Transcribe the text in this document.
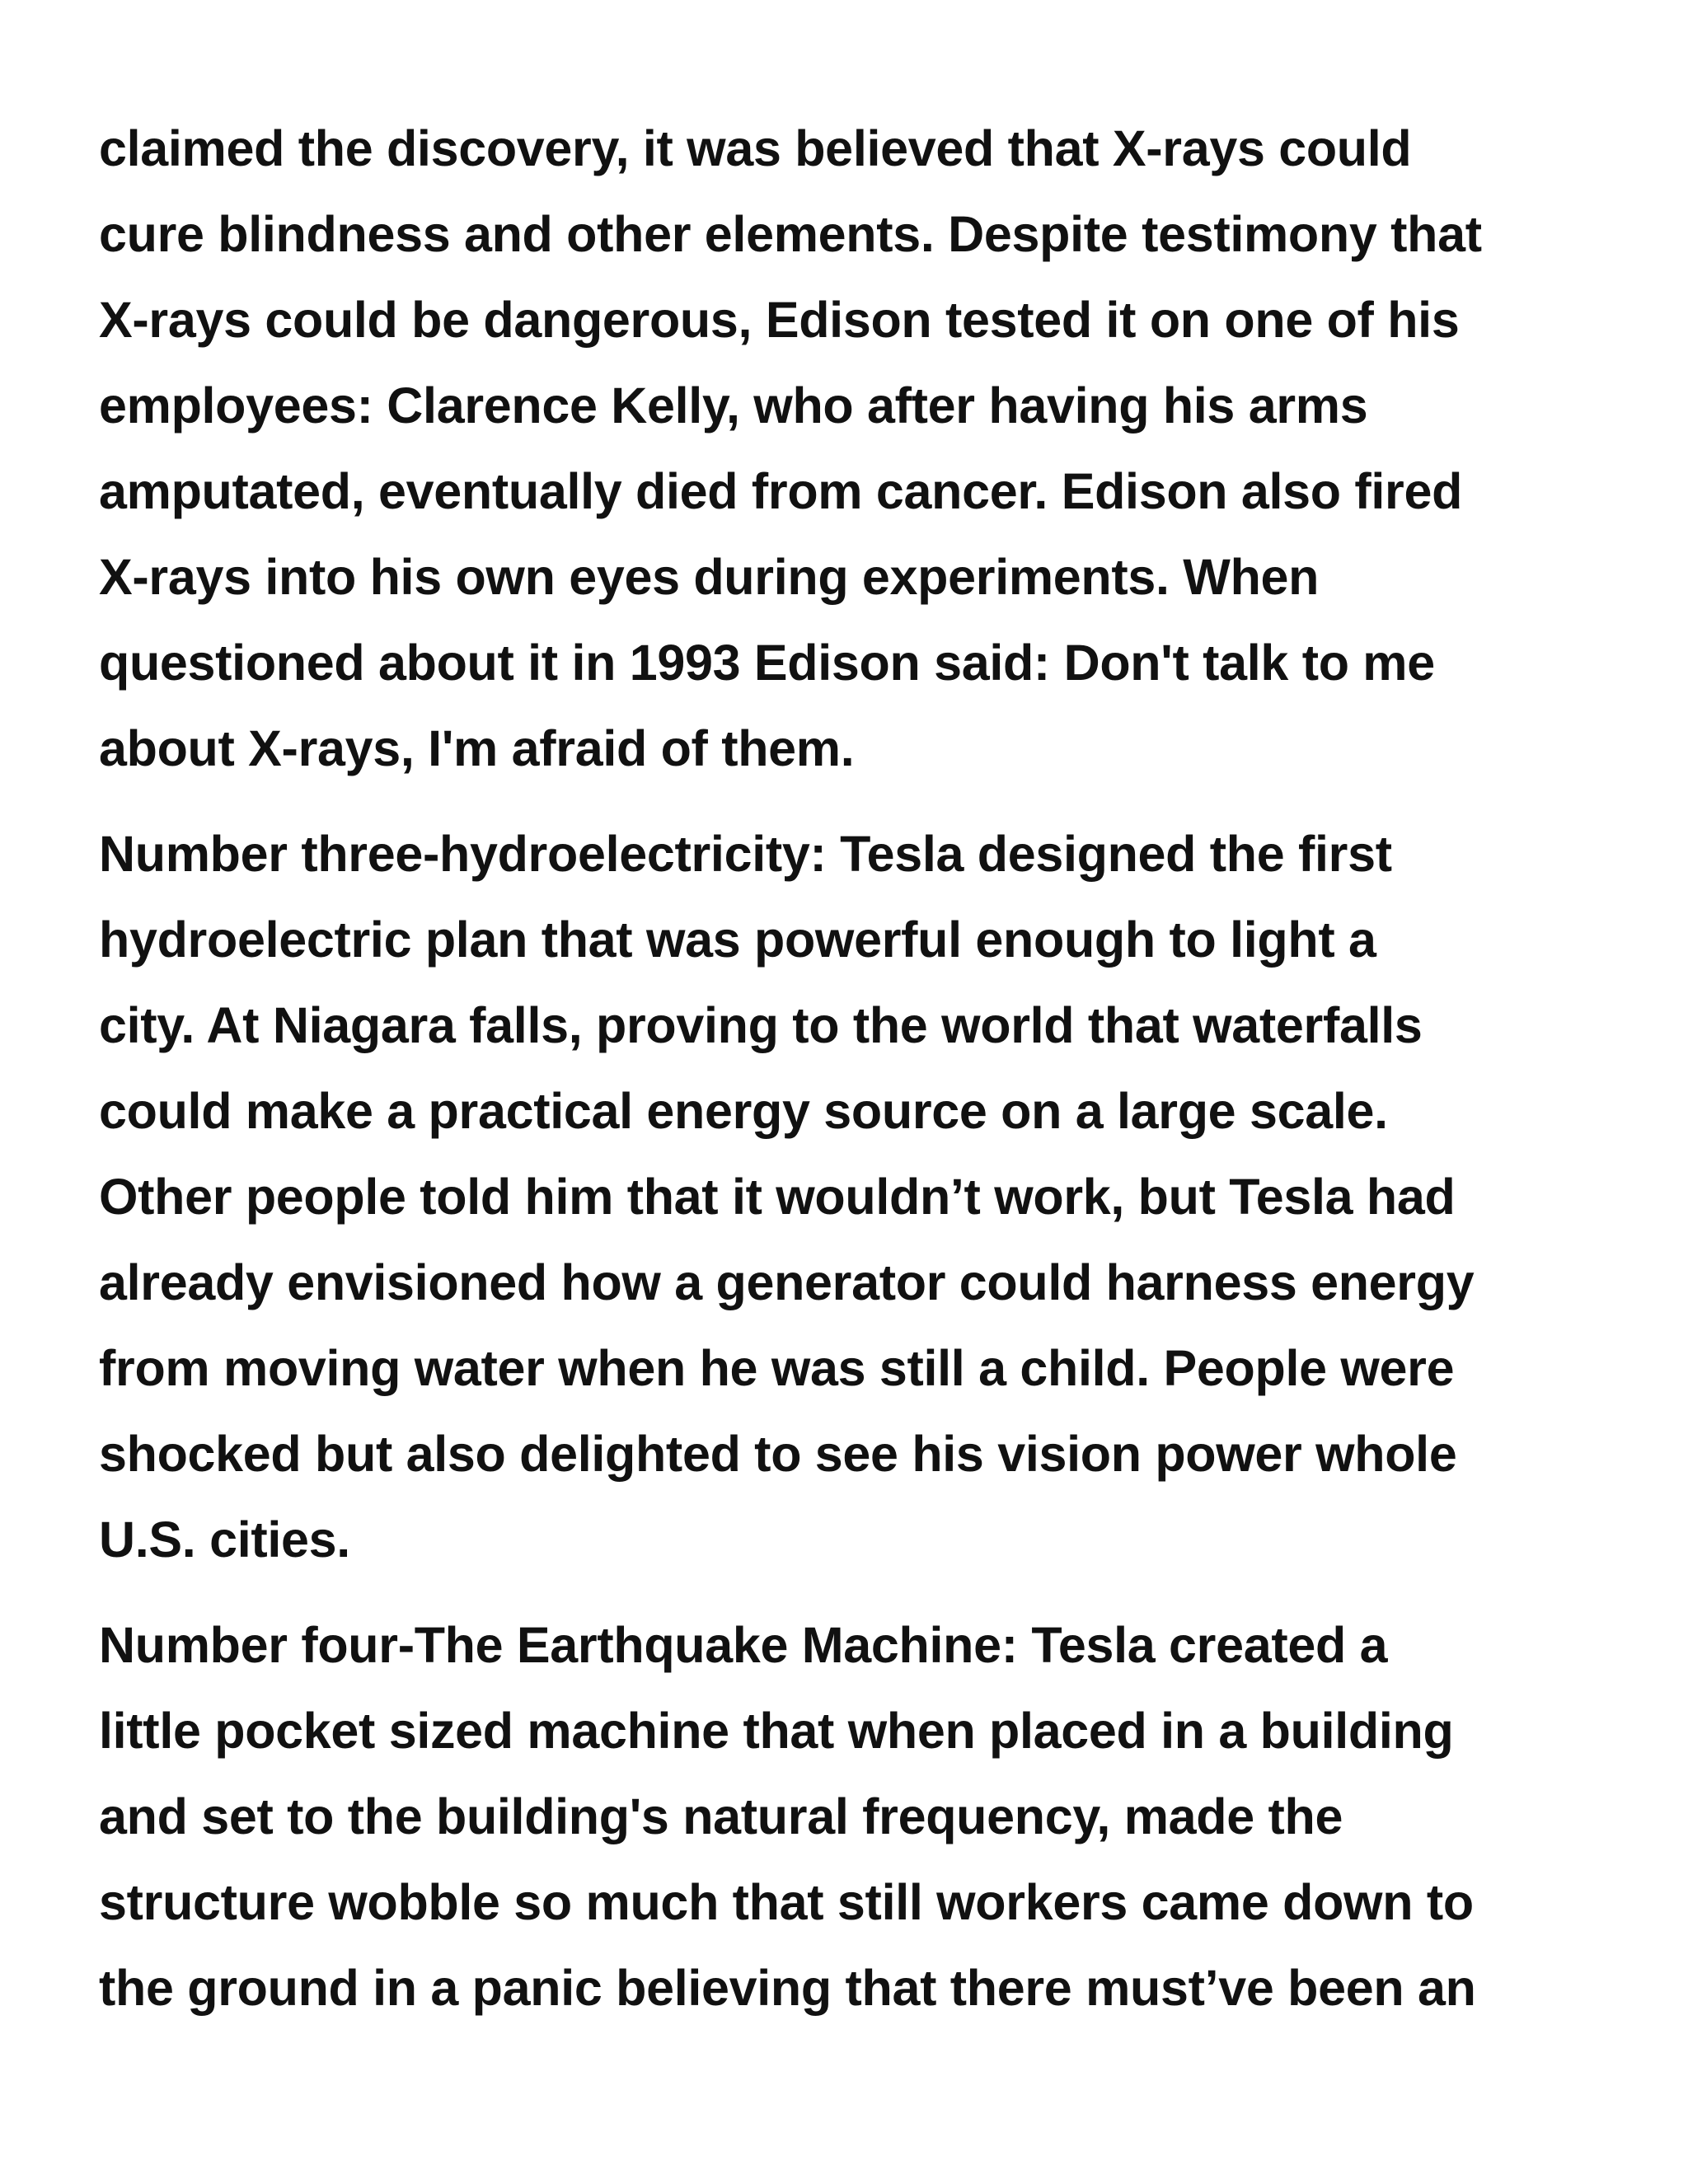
claimed the discovery, it was believed that X-rays could
cure blindness and other elements. Despite testimony that
X-rays could be dangerous, Edison tested it on one of his
employees: Clarence Kelly, who after having his arms
amputated, eventually died from cancer. Edison also fired
X-rays into his own eyes during experiments. When
questioned about it in 1993 Edison said: Don't talk to me
about X-rays, I'm afraid of them.
Number three-hydroelectricity: Tesla designed the first
hydroelectric plan that was powerful enough to light a
city. At Niagara falls, proving to the world that waterfalls
could make a practical energy source on a large scale.
Other people told him that it wouldn’t work, but Tesla had
already envisioned how a generator could harness energy
from moving water when he was still a child. People were
shocked but also delighted to see his vision power whole
U.S. cities.
Number four-The Earthquake Machine: Tesla created a
little pocket sized machine that when placed in a building
and set to the building's natural frequency, made the
structure wobble so much that still workers came down to
the ground in a panic believing that there must’ve been an
